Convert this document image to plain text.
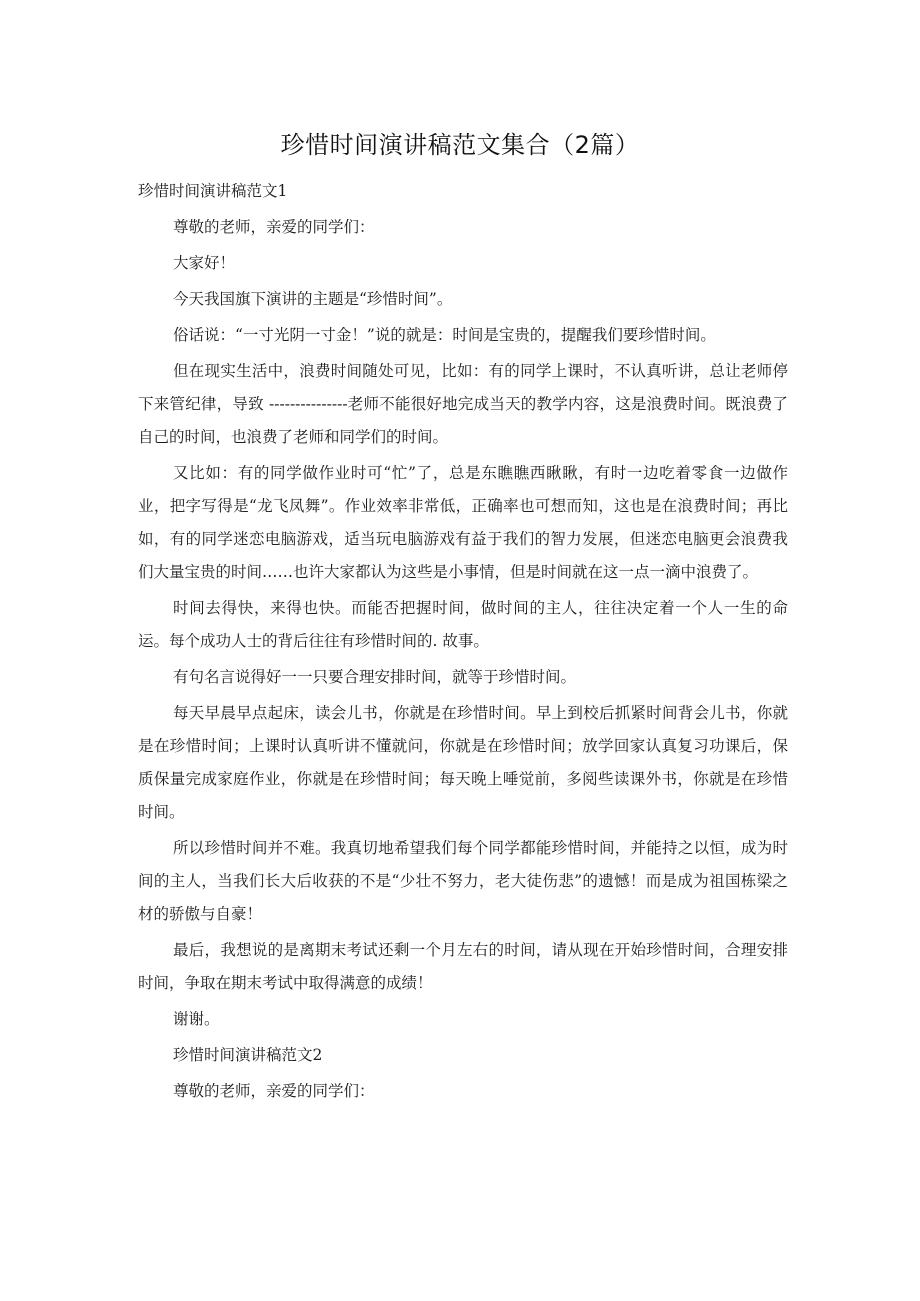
珍惜时间演讲稿范文集合（2篇）

珍惜时间演讲稿范文1

尊敬的老师，亲爱的同学们：

大家好！

今天我国旗下演讲的主题是“珍惜时间”。

俗话说：“一寸光阴一寸金！”说的就是：时间是宝贵的，提醒我们要珍惜时间。

但在现实生活中，浪费时间随处可见，比如：有的同学上课时，不认真听讲，总让老师停下来管纪律，导致 ---------------老师不能很好地完成当天的教学内容，这是浪费时间。既浪费了自己的时间，也浪费了老师和同学们的时间。

又比如：有的同学做作业时可“忙”了，总是东瞧瞧西瞅瞅，有时一边吃着零食一边做作业，把字写得是“龙飞凤舞”。作业效率非常低，正确率也可想而知，这也是在浪费时间；再比如，有的同学迷恋电脑游戏，适当玩电脑游戏有益于我们的智力发展，但迷恋电脑更会浪费我们大量宝贵的时间……也许大家都认为这些是小事情，但是时间就在这一点一滴中浪费了。

时间去得快，来得也快。而能否把握时间，做时间的主人，往往决定着一个人一生的命运。每个成功人士的背后往往有珍惜时间的. 故事。

有句名言说得好一一只要合理安排时间，就等于珍惜时间。

每天早晨早点起床，读会儿书，你就是在珍惜时间。早上到校后抓紧时间背会儿书，你就是在珍惜时间；上课时认真听讲不懂就问，你就是在珍惜时间；放学回家认真复习功课后，保质保量完成家庭作业，你就是在珍惜时间；每天晚上唾觉前，多阅些读课外书，你就是在珍惜时间。

所以珍惜时间并不难。我真切地希望我们每个同学都能珍惜时间，并能持之以恒，成为时间的主人，当我们长大后收获的不是“少壮不努力，老大徒伤悲”的遗憾！而是成为祖国栋梁之材的骄傲与自豪！

最后，我想说的是离期末考试还剩一个月左右的时间，请从现在开始珍惜时间，合理安排时间，争取在期末考试中取得满意的成绩！

谢谢。

珍惜时间演讲稿范文2

尊敬的老师，亲爱的同学们：
